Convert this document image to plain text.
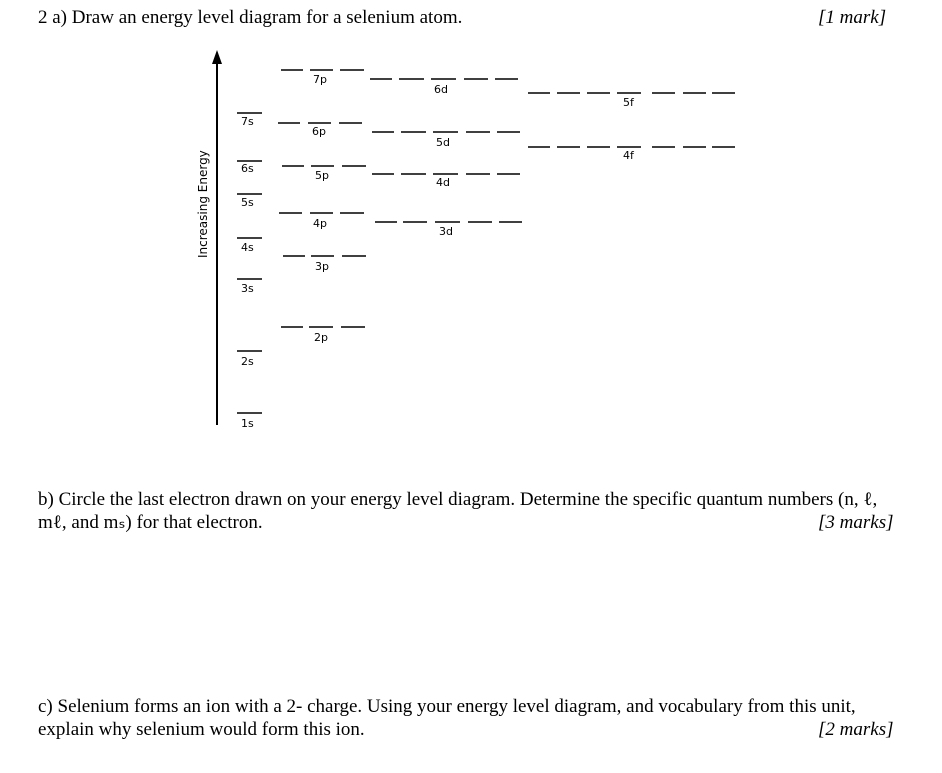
2 a) Draw an energy level diagram for a selenium atom.	[1 mark]
Increasing Energy
1s
2s
3s
4s
5s
6s
7s
2p
3p
4p
5p
6p
7p
3d
4d
5d
6d
4f
5f
b) Circle the last electron drawn on your energy level diagram. Determine the specific quantum numbers (n, ℓ,
mℓ, and mₛ) for that electron.	[3 marks]
c) Selenium forms an ion with a 2- charge. Using your energy level diagram, and vocabulary from this unit,
explain why selenium would form this ion.	[2 marks]
